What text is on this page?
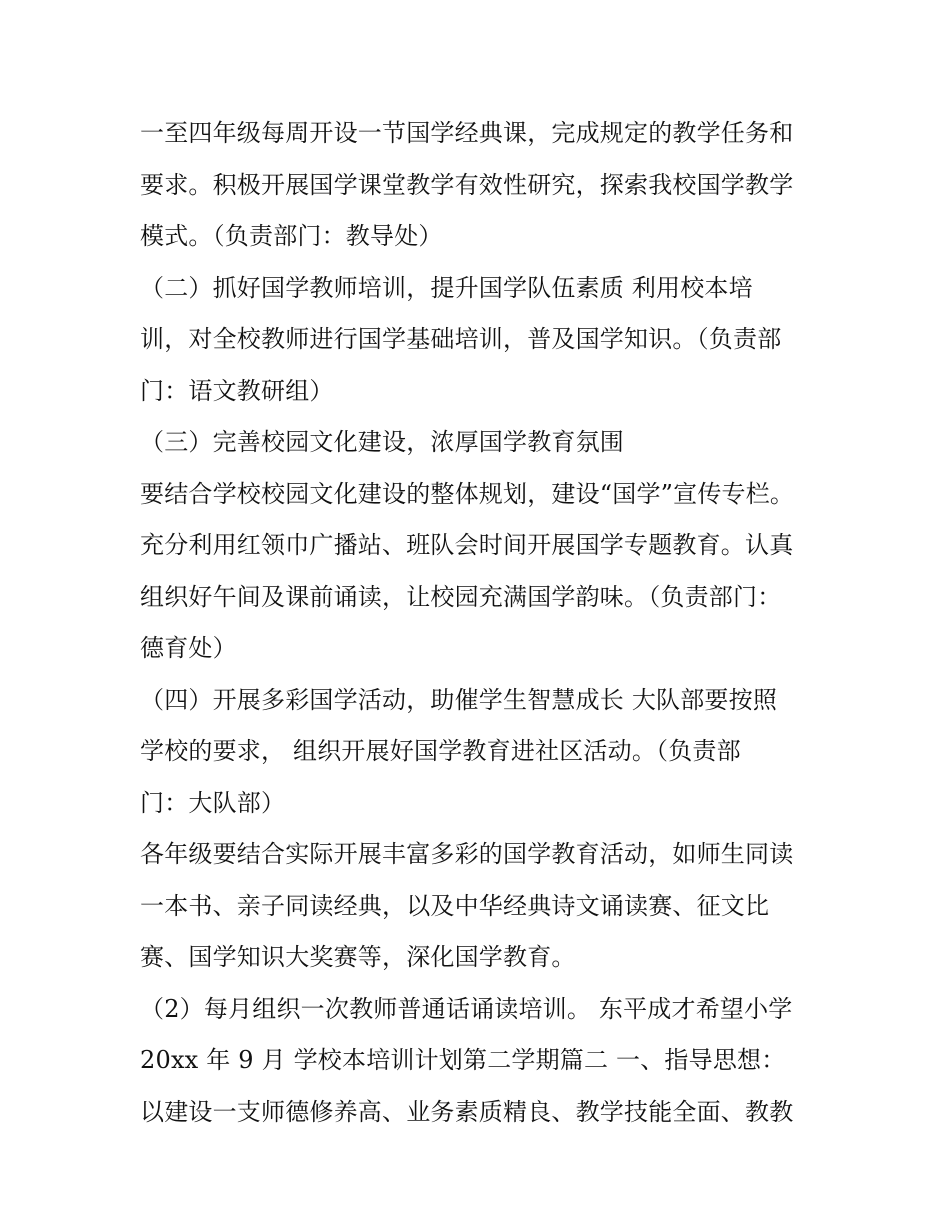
一至四年级每周开设一节国学经典课，完成规定的教学任务和
要求。积极开展国学课堂教学有效性研究，探索我校国学教学
模式。（负责部门：教导处）
（二）抓好国学教师培训，提升国学队伍素质 利用校本培
训，对全校教师进行国学基础培训，普及国学知识。（负责部
门：语文教研组）
（三）完善校园文化建设，浓厚国学教育氛围
要结合学校校园文化建设的整体规划，建设“国学”宣传专栏。
充分利用红领巾广播站、班队会时间开展国学专题教育。认真
组织好午间及课前诵读，让校园充满国学韵味。（负责部门：
德育处）
（四）开展多彩国学活动，助催学生智慧成长 大队部要按照
学校的要求， 组织开展好国学教育进社区活动。（负责部
门：大队部）
各年级要结合实际开展丰富多彩的国学教育活动，如师生同读
一本书、亲子同读经典，以及中华经典诗文诵读赛、征文比
赛、国学知识大奖赛等，深化国学教育。
（2）每月组织一次教师普通话诵读培训。 东平成才希望小学
20xx 年 9 月 学校本培训计划第二学期篇二 一、指导思想：
以建设一支师德修养高、业务素质精良、教学技能全面、教教
